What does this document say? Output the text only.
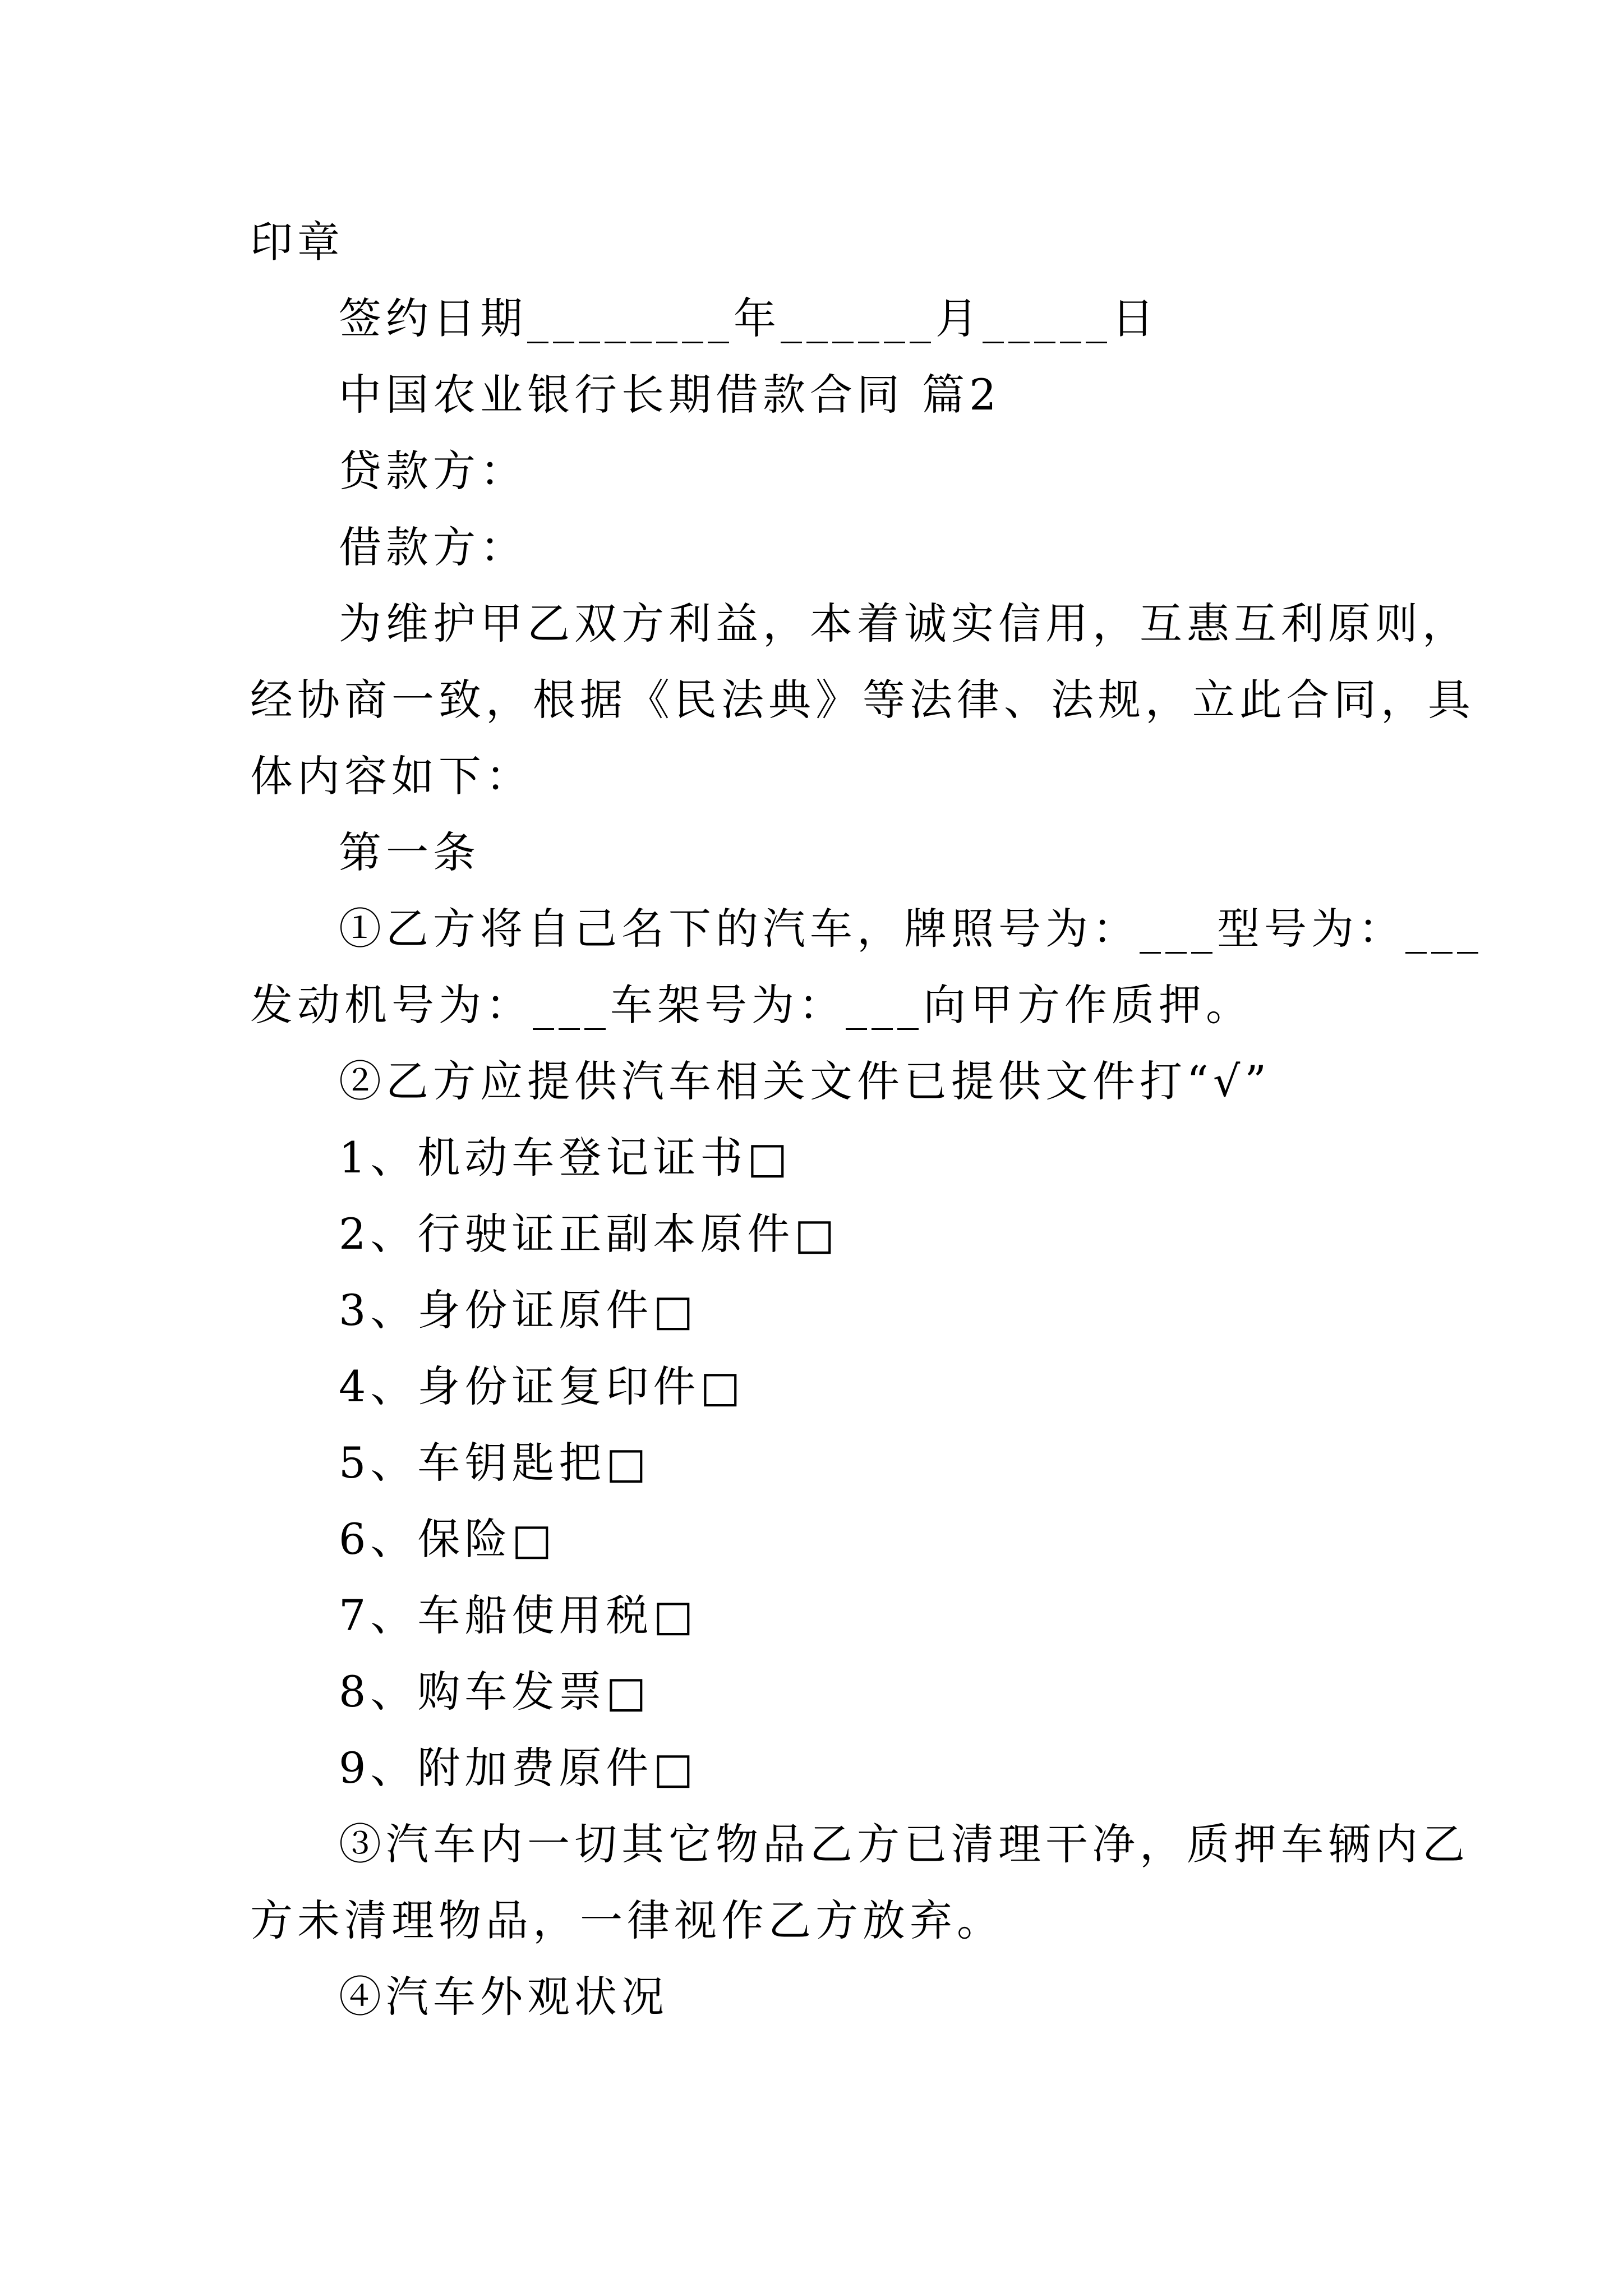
印章
签约日期________年______月_____日
中国农业银行长期借款合同 篇2
贷款方：
借款方：
为维护甲乙双方利益，本着诚实信用，互惠互利原则，
经协商一致，根据《民法典》等法律、法规，立此合同，具
体内容如下：
第一条
①乙方将自己名下的汽车，牌照号为：___型号为：___
发动机号为：___车架号为：___向甲方作质押。
②乙方应提供汽车相关文件已提供文件打“√”
1、机动车登记证书□
2、行驶证正副本原件□
3、身份证原件□
4、身份证复印件□
5、车钥匙把□
6、保险□
7、车船使用税□
8、购车发票□
9、附加费原件□
③汽车内一切其它物品乙方已清理干净，质押车辆内乙
方未清理物品，一律视作乙方放弃。
④汽车外观状况
